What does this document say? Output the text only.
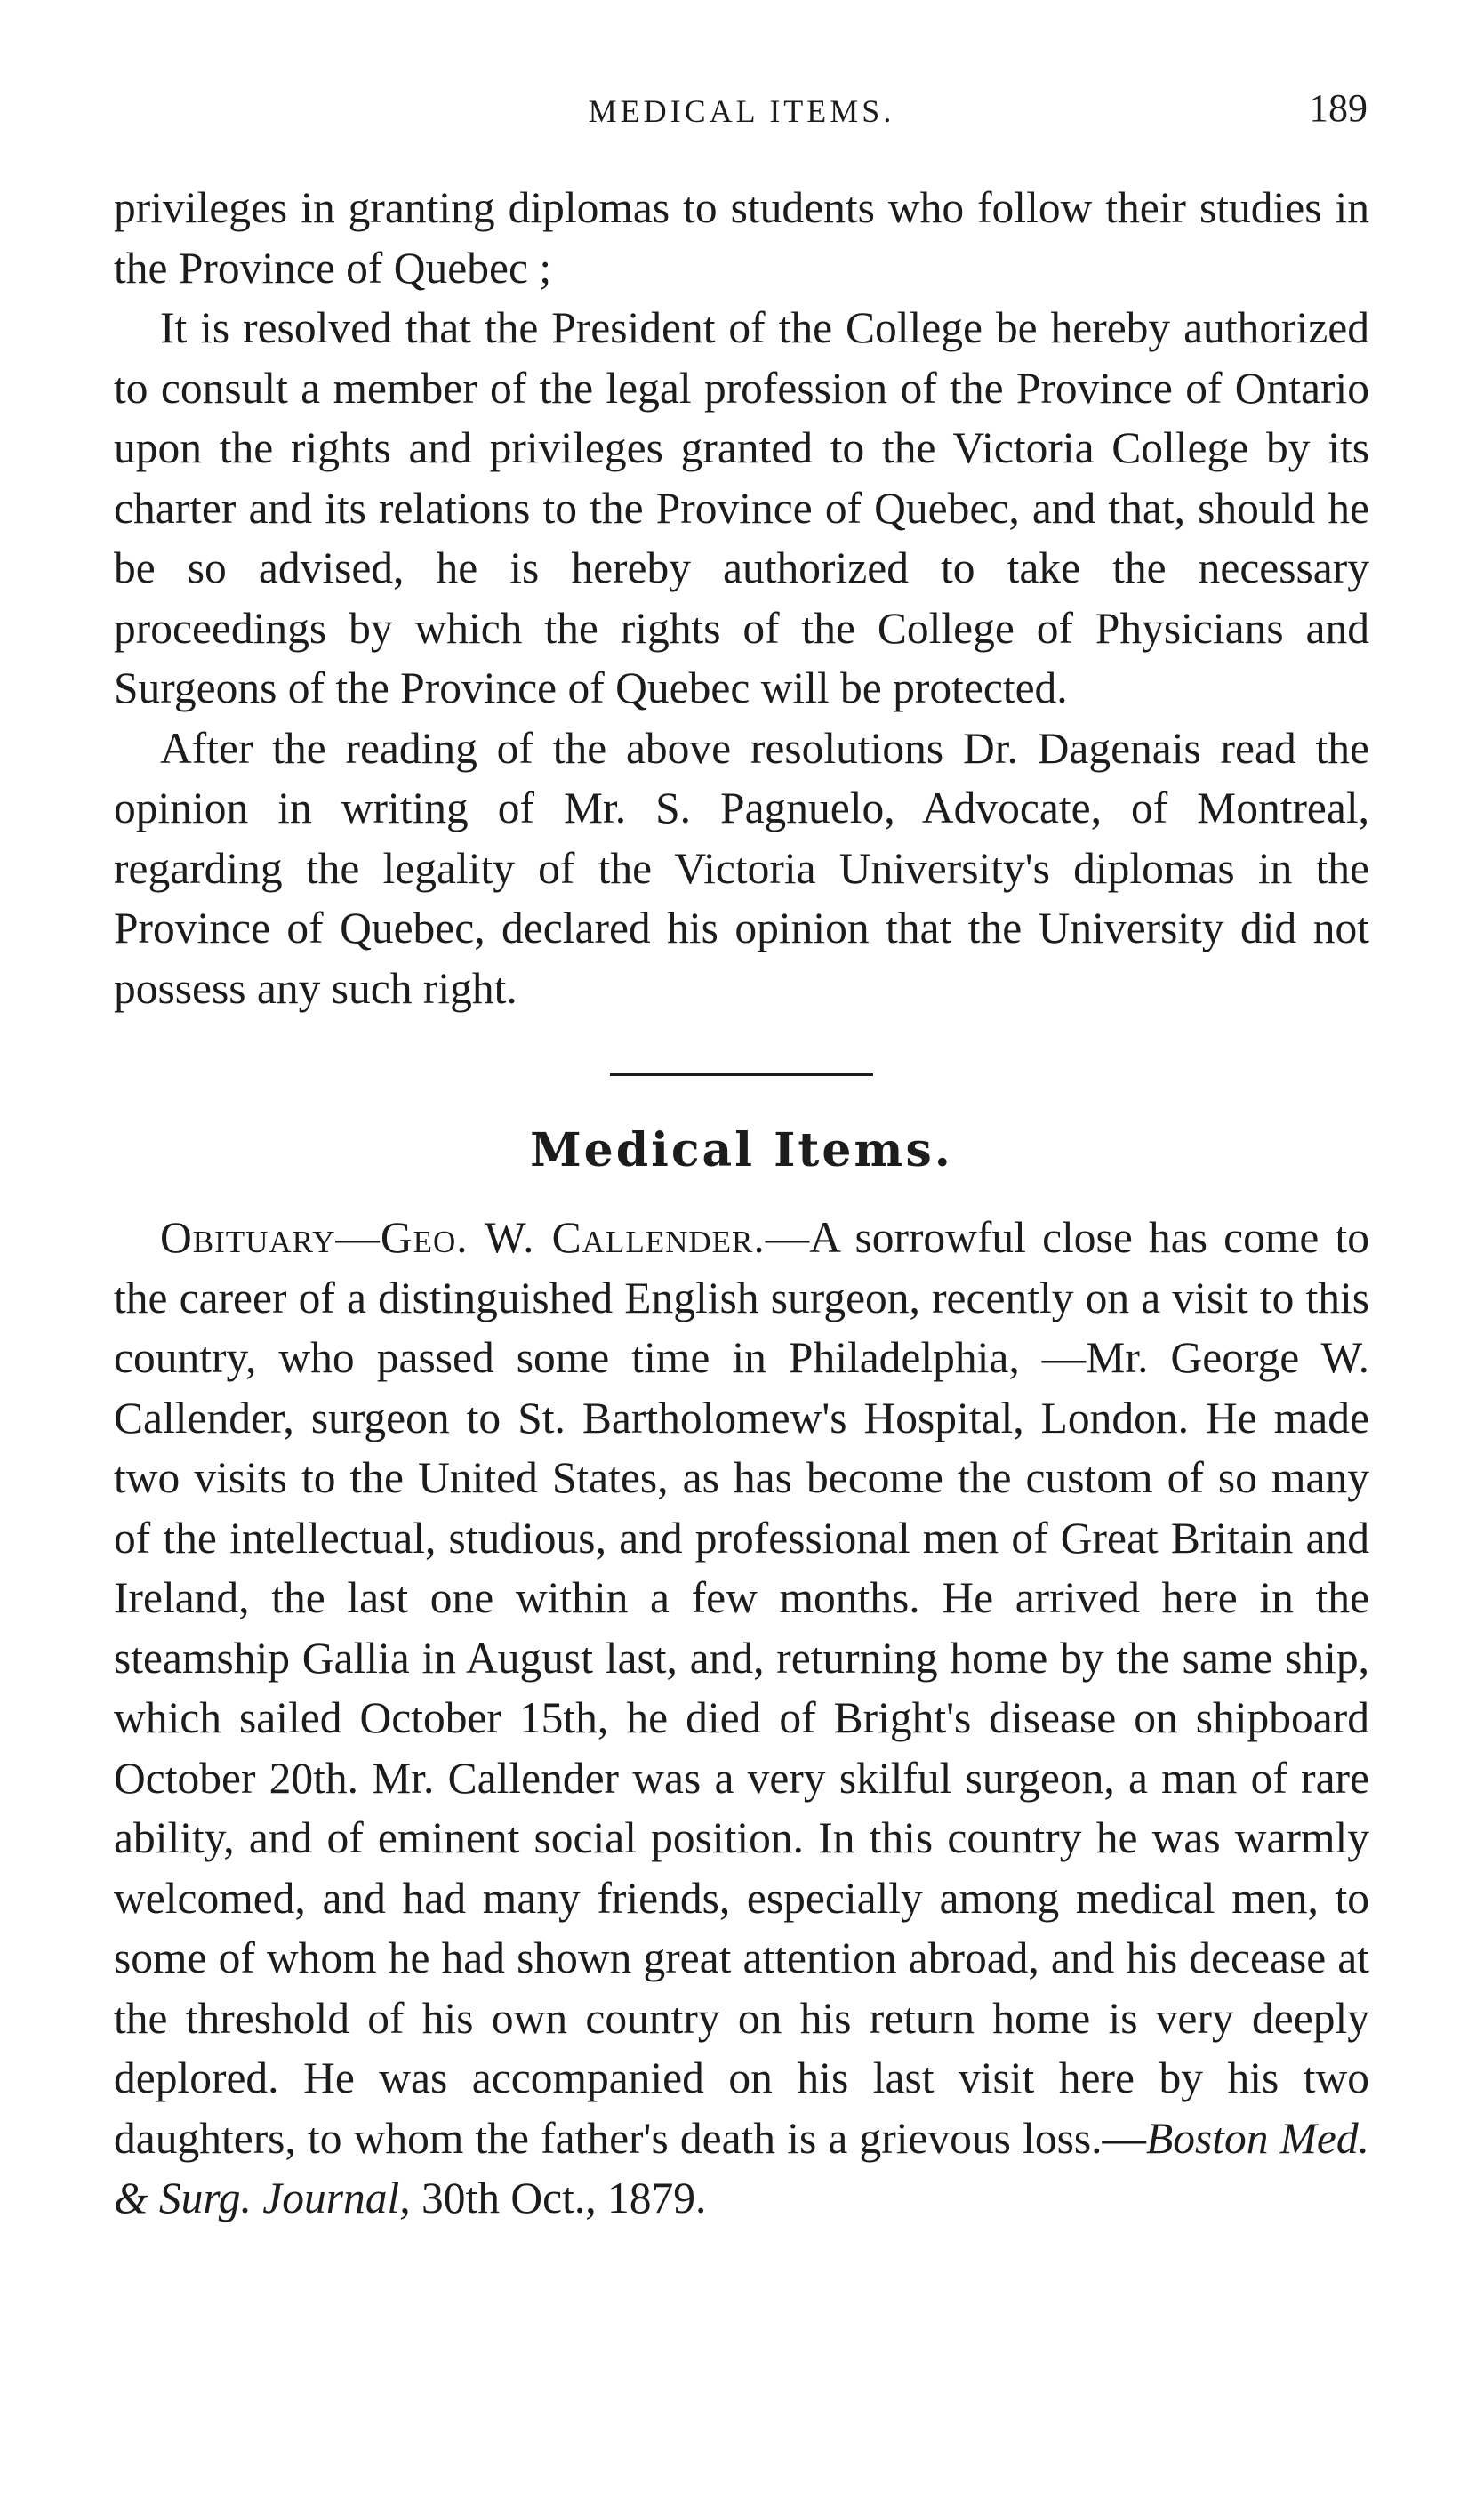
MEDICAL ITEMS.	189

privileges in granting diplomas to students who follow their studies in the Province of Quebec ;

It is resolved that the President of the College be hereby authorized to consult a member of the legal profession of the Province of Ontario upon the rights and privileges granted to the Victoria College by its charter and its relations to the Province of Quebec, and that, should he be so advised, he is hereby authorized to take the necessary proceedings by which the rights of the College of Physicians and Surgeons of the Province of Quebec will be protected.

After the reading of the above resolutions Dr. Dagenais read the opinion in writing of Mr. S. Pagnuelo, Advocate, of Montreal, regarding the legality of the Victoria University's diplomas in the Province of Quebec, declared his opinion that the University did not possess any such right.

Medical Items.

Obituary—Geo. W. Callender.—A sorrowful close has come to the career of a distinguished English surgeon, recently on a visit to this country, who passed some time in Philadelphia, —Mr. George W. Callender, surgeon to St. Bartholomew's Hospital, London. He made two visits to the United States, as has become the custom of so many of the intellectual, studious, and professional men of Great Britain and Ireland, the last one within a few months. He arrived here in the steamship Gallia in August last, and, returning home by the same ship, which sailed October 15th, he died of Bright's disease on shipboard October 20th. Mr. Callender was a very skilful surgeon, a man of rare ability, and of eminent social position. In this country he was warmly welcomed, and had many friends, especially among medical men, to some of whom he had shown great attention abroad, and his decease at the threshold of his own country on his return home is very deeply deplored. He was accompanied on his last visit here by his two daughters, to whom the father's death is a grievous loss.—Boston Med. & Surg. Journal, 30th Oct., 1879.
